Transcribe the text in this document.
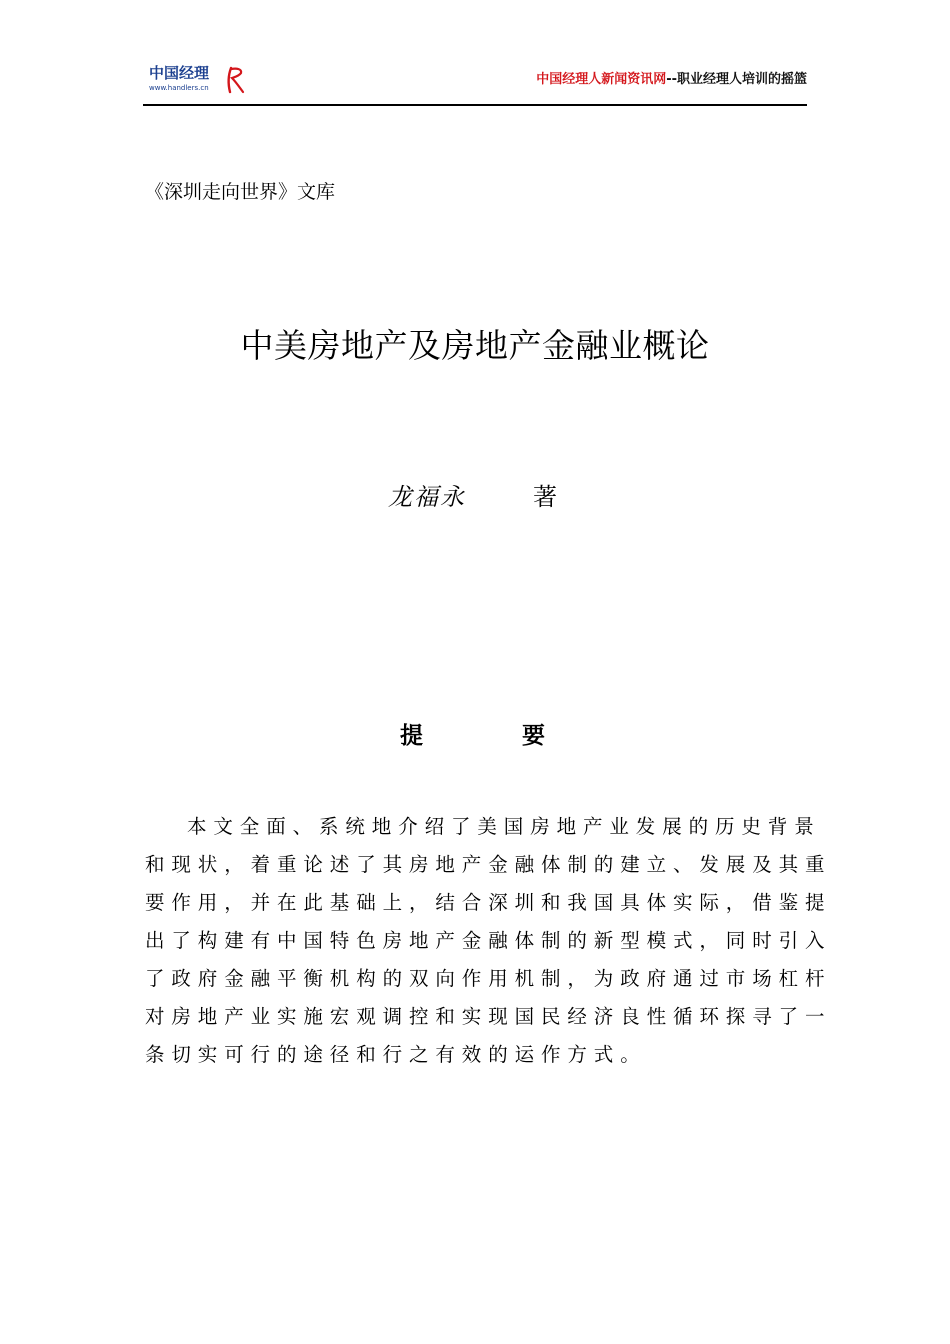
中国经理
www.handlers.cn
中国经理人新闻资讯网--职业经理人培训的摇篮
《深圳走向世界》文库
中美房地产及房地产金融业概论
龙福永	著
提	要
本文全面、系统地介绍了美国房地产业发展的历史背景
和现状，着重论述了其房地产金融体制的建立、发展及其重
要作用，并在此基础上，结合深圳和我国具体实际，借鉴提
出了构建有中国特色房地产金融体制的新型模式，同时引入
了政府金融平衡机构的双向作用机制，为政府通过市场杠杆
对房地产业实施宏观调控和实现国民经济良性循环探寻了一
条切实可行的途径和行之有效的运作方式。
